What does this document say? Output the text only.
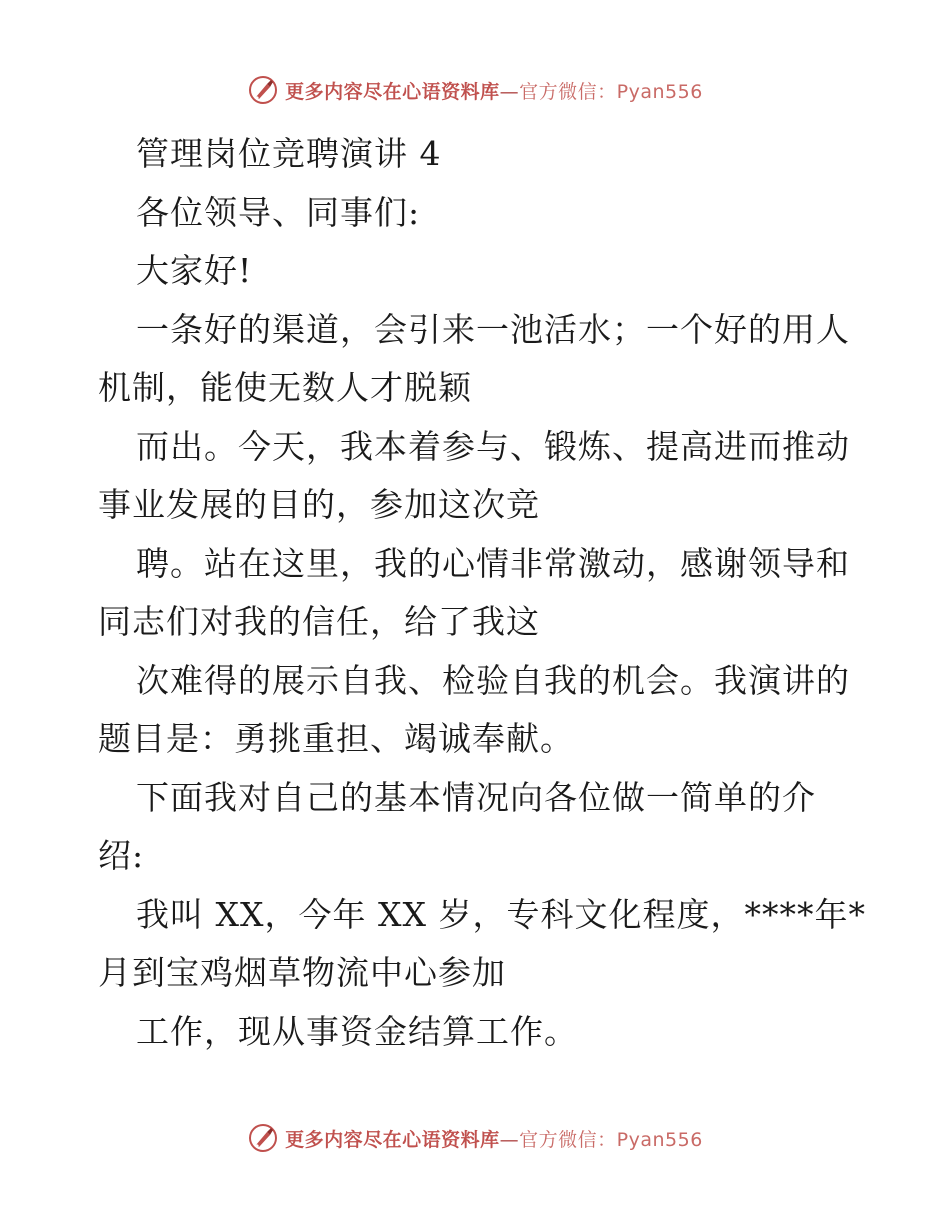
更多内容尽在心语资料库—官方微信：Pyan556
管理岗位竞聘演讲 4
各位领导、同事们:
大家好!
一条好的渠道，会引来一池活水；一个好的用人
机制，能使无数人才脱颖
而出。今天，我本着参与、锻炼、提高进而推动
事业发展的目的，参加这次竞
聘。站在这里，我的心情非常激动，感谢领导和
同志们对我的信任，给了我这
次难得的展示自我、检验自我的机会。我演讲的
题目是：勇挑重担、竭诚奉献。
下面我对自己的基本情况向各位做一简单的介
绍:
我叫 XX，今年 XX 岁，专科文化程度，****年*
月到宝鸡烟草物流中心参加
工作，现从事资金结算工作。
更多内容尽在心语资料库—官方微信：Pyan556
